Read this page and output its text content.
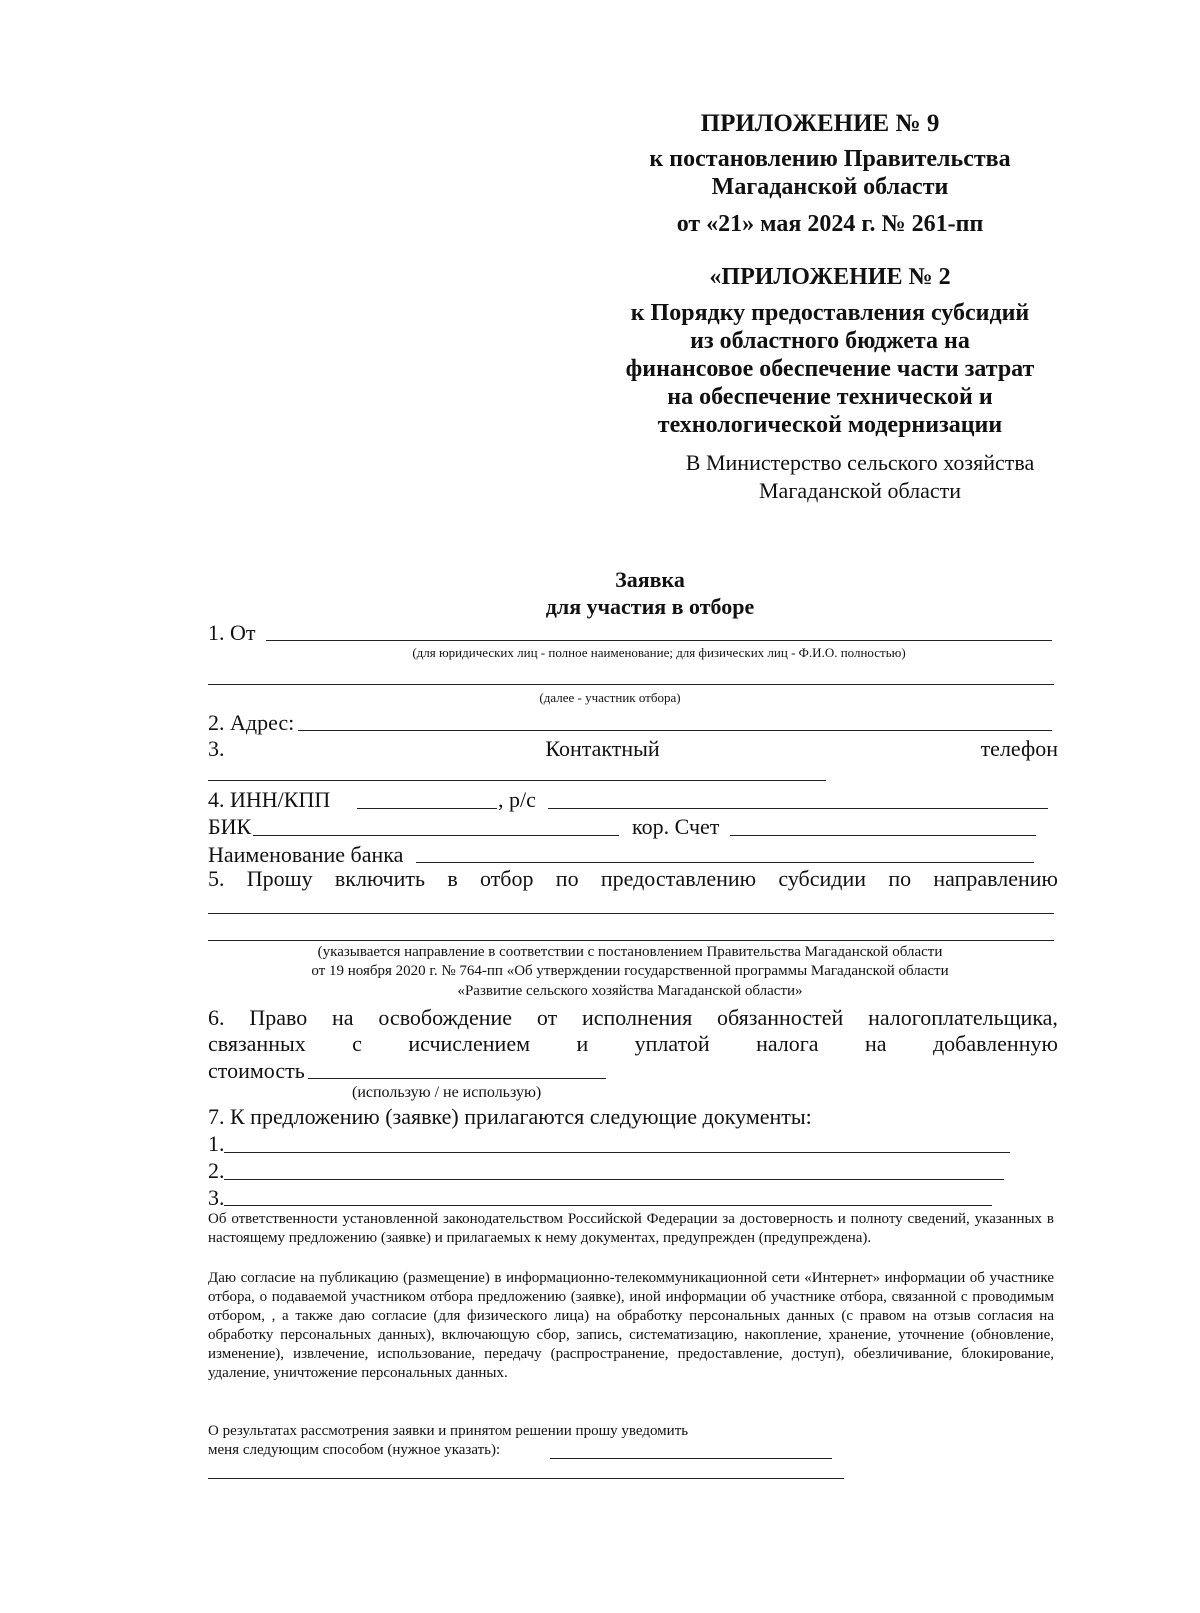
ПРИЛОЖЕНИЕ № 9
к постановлению Правительства
Магаданской области
от «21» мая 2024 г. № 261-пп
«ПРИЛОЖЕНИЕ № 2
к Порядку предоставления субсидий
из областного бюджета на
финансовое обеспечение части затрат
на обеспечение технической и
технологической модернизации
В Министерство сельского хозяйства
Магаданской области
Заявка
для участия в отборе
1. От
(для юридических лиц - полное наименование; для физических лиц - Ф.И.О. полностью)
(далее - участник отбора)
2. Адрес:
3.	Контактный	телефон
4. ИНН/КПП	, р/с
БИК	кор. Счет
Наименование банка
5. Прошу включить в отбор по предоставлению субсидии по направлению
(указывается направление в соответствии с постановлением Правительства Магаданской области
от 19 ноября 2020 г. № 764-пп «Об утверждении государственной программы Магаданской области
«Развитие сельского хозяйства Магаданской области»
6. Право на освобождение от исполнения обязанностей налогоплательщика,
связанных с исчислением и уплатой налога на добавленную
стоимость
(использую / не использую)
7. К предложению (заявке) прилагаются следующие документы:
1.
2.
3.
Об ответственности установленной законодательством Российской Федерации за достоверность и полноту сведений, указанных в настоящему предложению (заявке) и прилагаемых к нему документах, предупрежден (предупреждена).
Даю согласие на публикацию (размещение) в информационно-телекоммуникационной сети «Интернет» информации об участнике отбора, о подаваемой участником отбора предложению (заявке), иной информации об участнике отбора, связанной с проводимым отбором, , а также даю согласие (для физического лица) на обработку персональных данных (с правом на отзыв согласия на обработку персональных данных), включающую сбор, запись, систематизацию, накопление, хранение, уточнение (обновление, изменение), извлечение, использование, передачу (распространение, предоставление, доступ), обезличивание, блокирование, удаление, уничтожение персональных данных.
О результатах рассмотрения заявки и принятом решении прошу уведомить
меня следующим способом (нужное указать):
